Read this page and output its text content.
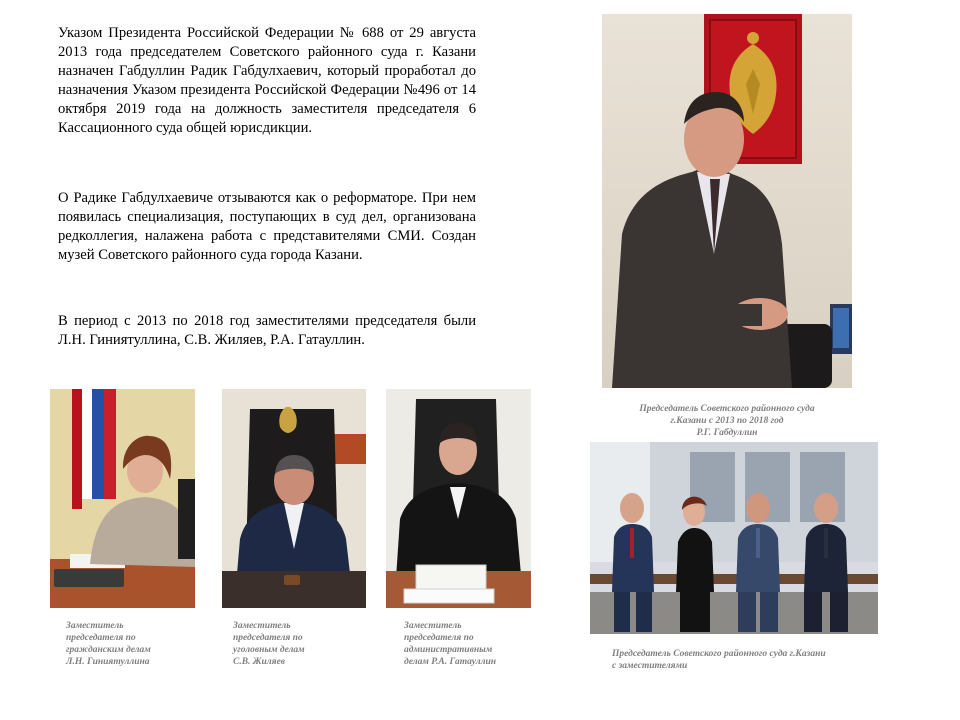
Указом Президента Российской Федерации № 688 от 29 августа 2013 года председателем Советского районного суда г. Казани назначен Габдуллин Радик Габдулхаевич, который проработал до назначения Указом президента Российской Федерации №496 от 14 октября 2019 года на должность заместителя председателя 6 Кассационного суда общей юрисдикции.

О Радике Габдулхаевиче отзываются как о реформаторе. При нем появилась специализация, поступающих в суд дел, организована редколлегия, налажена работа с представителями СМИ. Создан музей Советского районного суда города Казани.

В период с 2013 по 2018 год заместителями председателя были Л.Н. Гиниятуллина, С.В. Жиляев, Р.А. Гатауллин.

Председатель Советского районного суда
г.Казани с 2013 по 2018 год
Р.Г. Габдуллин
Заместитель
председателя по
гражданским делам
Л.Н. Гиниятуллина
Заместитель
председателя по
уголовным делам
С.В. Жиляев
Заместитель
председателя по
административным
делам Р.А. Гатауллин
Председатель Советского районного суда г.Казани
с заместителями
